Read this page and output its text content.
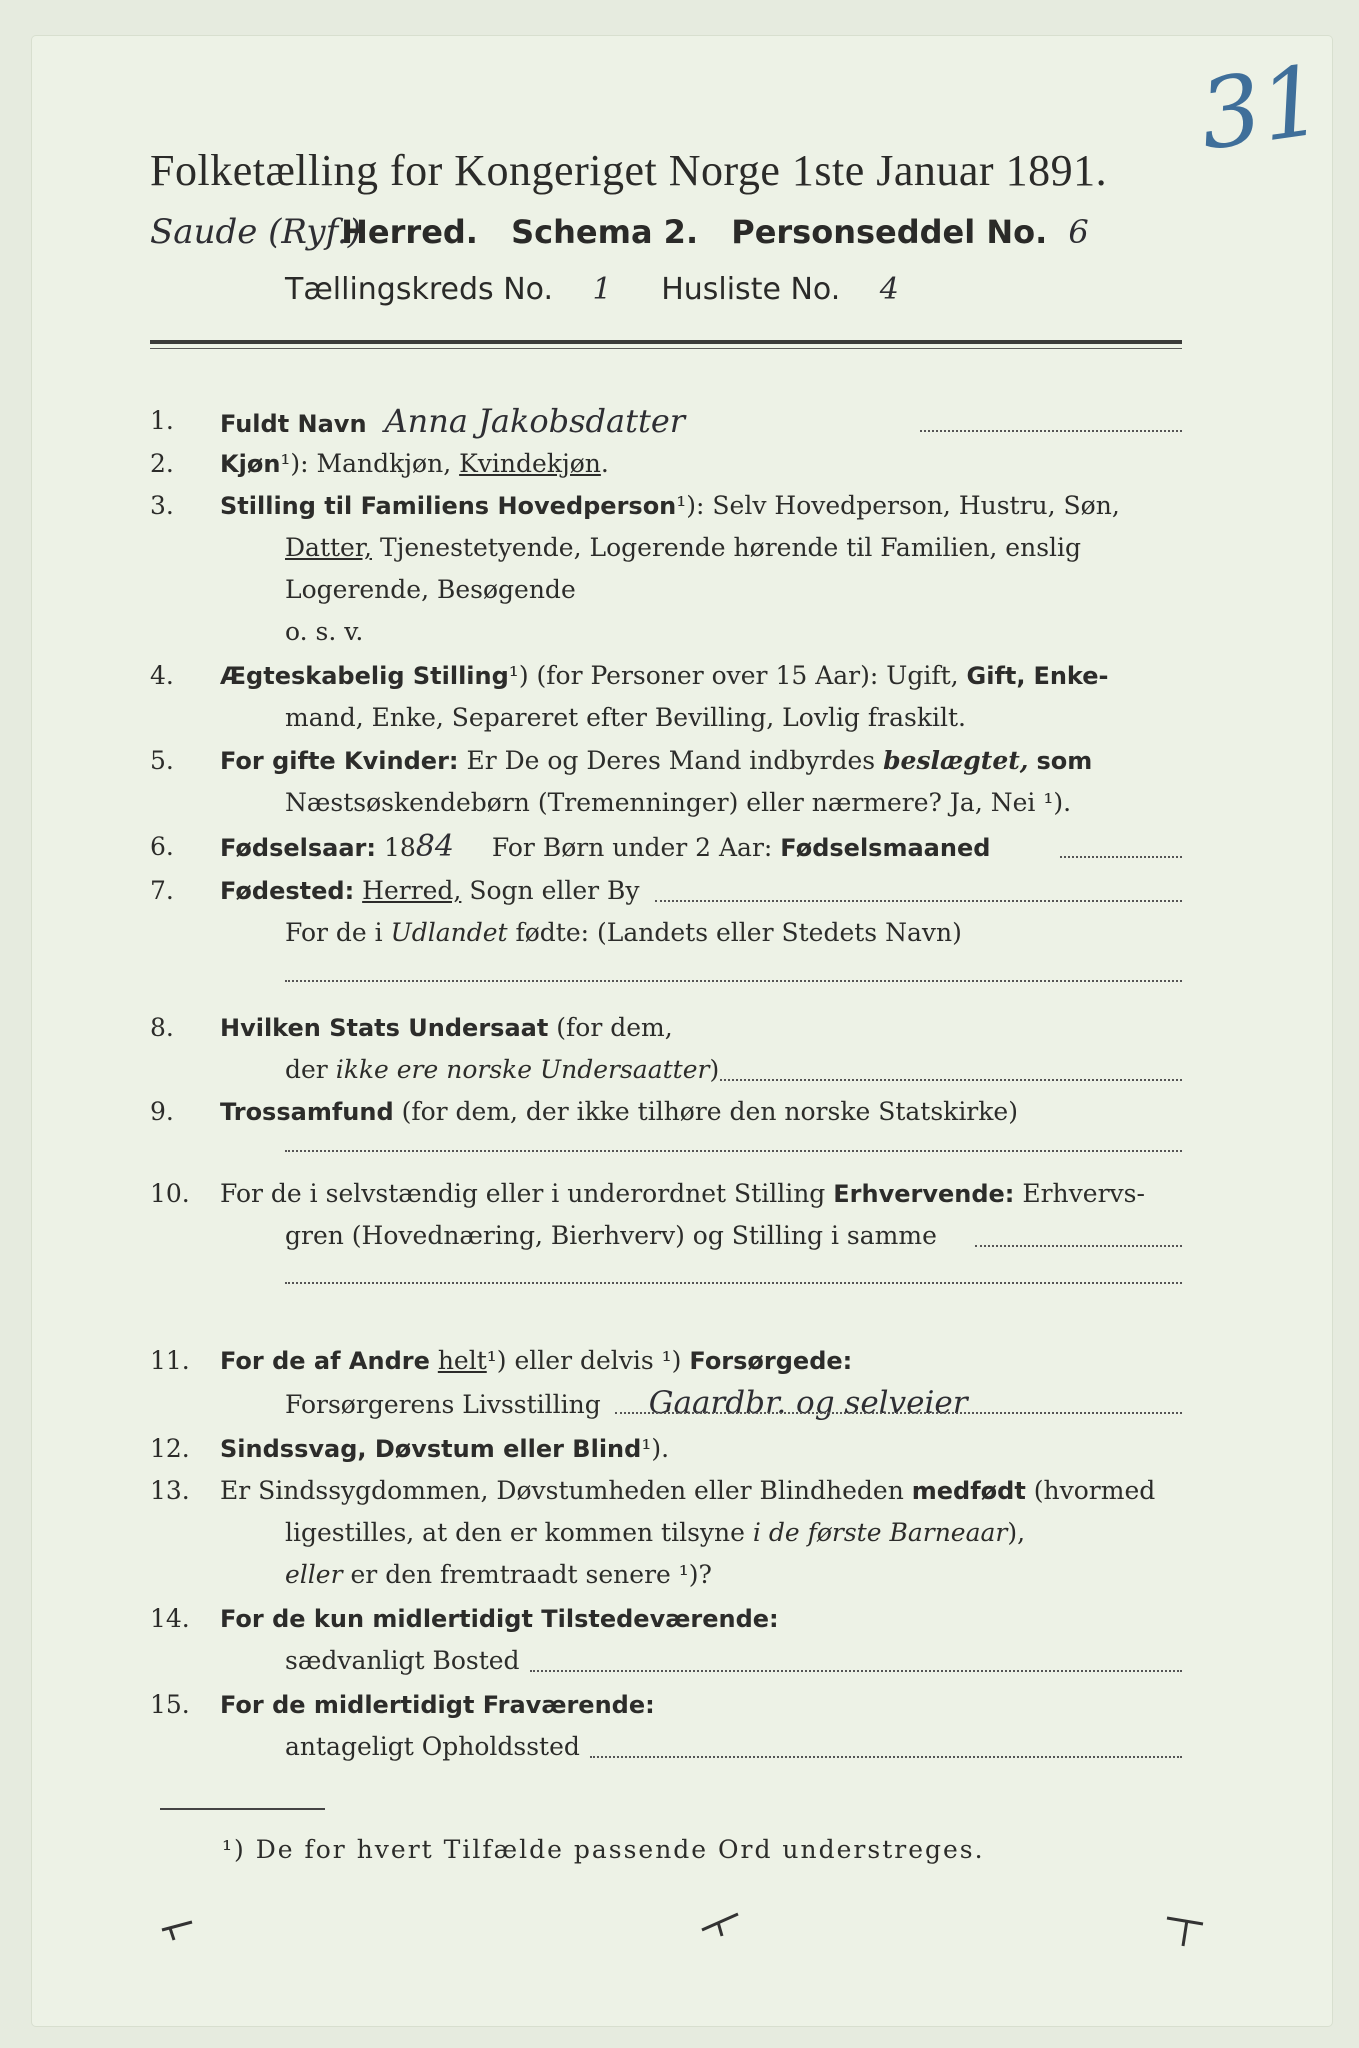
31
Folketælling for Kongeriget Norge 1ste Januar 1891.
Saude (Ryf.) Herred. Schema 2. Personseddel No. 6
Tællingskreds No. 1 Husliste No. 4
1.	Fuldt Navn Anna Jakobsdatter
2.	Kjøn¹): Mandkjøn, Kvindekjøn.
3.	Stilling til Familiens Hovedperson¹): Selv Hovedperson, Hustru, Søn,
Datter, Tjenestetyende, Logerende hørende til Familien, enslig
Logerende, Besøgende
o. s. v.
4.	Ægteskabelig Stilling¹) (for Personer over 15 Aar): Ugift, Gift, Enke-
mand, Enke, Separeret efter Bevilling, Lovlig fraskilt.
5.	For gifte Kvinder: Er De og Deres Mand indbyrdes beslægtet, som
Næstsøskendebørn (Tremenninger) eller nærmere? Ja, Nei ¹).
6.	Fødselsaar: 1884 For Børn under 2 Aar: Fødselsmaaned
7.	Fødested: Herred, Sogn eller By
For de i Udlandet fødte: (Landets eller Stedets Navn)
8.	Hvilken Stats Undersaat (for dem,
der ikke ere norske Undersaatter)
9.	Trossamfund (for dem, der ikke tilhøre den norske Statskirke)
10.	For de i selvstændig eller i underordnet Stilling Erhvervende: Erhvervs-
gren (Hovednæring, Bierhverv) og Stilling i samme
11.	For de af Andre helt¹) eller delvis ¹) Forsørgede:
Forsørgerens Livsstilling Gaardbr. og selveier
12.	Sindssvag, Døvstum eller Blind¹).
13.	Er Sindssygdommen, Døvstumheden eller Blindheden medfødt (hvormed
ligestilles, at den er kommen tilsyne i de første Barneaar),
eller er den fremtraadt senere ¹)?
14.	For de kun midlertidigt Tilstedeværende:
sædvanligt Bosted
15.	For de midlertidigt Fraværende:
antageligt Opholdssted
¹) De for hvert Tilfælde passende Ord understreges.
